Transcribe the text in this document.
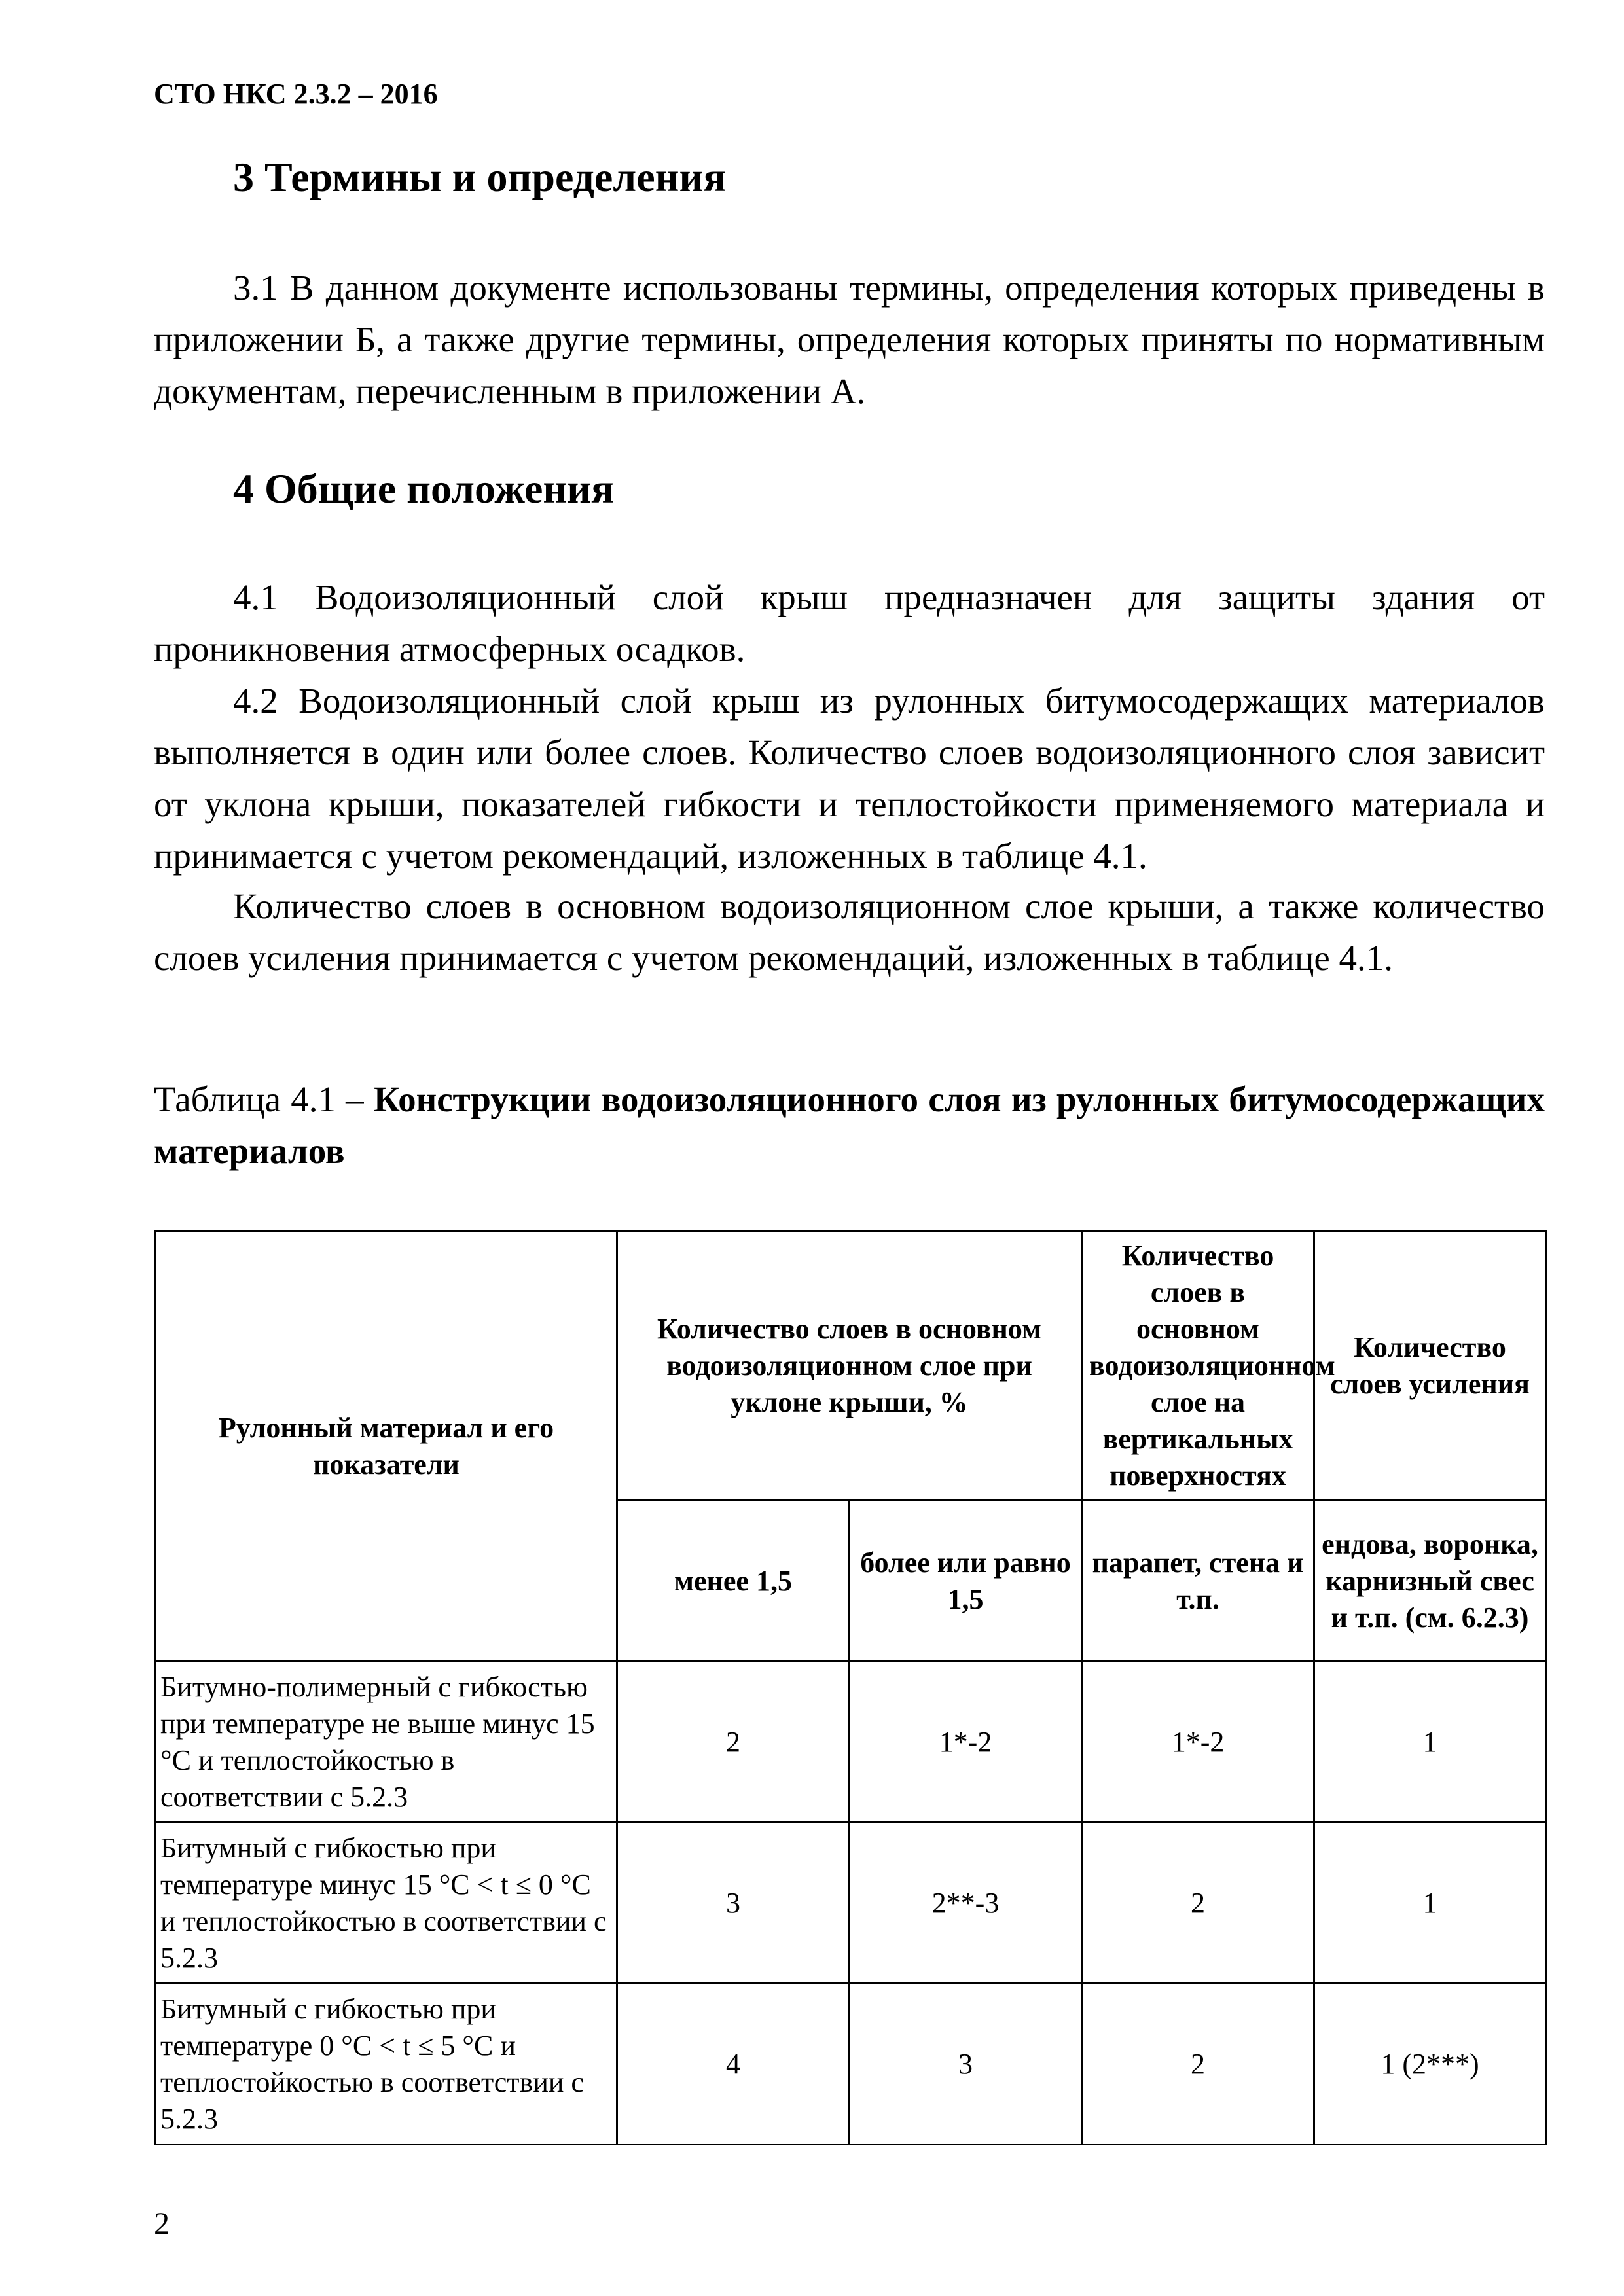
СТО НКС 2.3.2 – 2016
3 Термины и определения

3.1 В данном документе использованы термины, определения которых приведены в приложении Б, а также другие термины, определения которых приняты по нормативным документам, перечисленным в приложении А.

4 Общие положения

4.1 Водоизоляционный слой крыш предназначен для защиты здания от проникновения атмосферных осадков.

4.2 Водоизоляционный слой крыш из рулонных битумосодержащих материалов выполняется в один или более слоев. Количество слоев водоизоляционного слоя зависит от уклона крыши, показателей гибкости и теплостойкости применяемого материала и принимается с учетом рекомендаций, изложенных в таблице 4.1.

Количество слоев в основном водоизоляционном слое крыши, а также количество слоев усиления принимается с учетом рекомендаций, изложенных в таблице 4.1.

Таблица 4.1 – Конструкции водоизоляционного слоя из рулонных битумосодержащих материалов

Рулонный материал и его показатели	Количество слоев в основном водоизоляционном слое при уклоне крыши, %		Количество слоев в основном водоизоляционном слое на вертикальных поверхностях	Количество слоев усиления
	менее 1,5	более или равно 1,5	парапет, стена и т.п.	ендова, воронка, карнизный свес и т.п. (см. 6.2.3)
Битумно-полимерный с гибкостью при температуре не выше минус 15 °С и теплостойкостью в соответствии с 5.2.3	2	1*-2	1*-2	1
Битумный с гибкостью при температуре минус 15 °С < t ≤ 0 °С и теплостойкостью в соответствии с 5.2.3	3	2**-3	2	1
Битумный с гибкостью при температуре 0 °С < t ≤ 5 °С и теплостойкостью в соответствии с 5.2.3	4	3	2	1 (2***)
2
